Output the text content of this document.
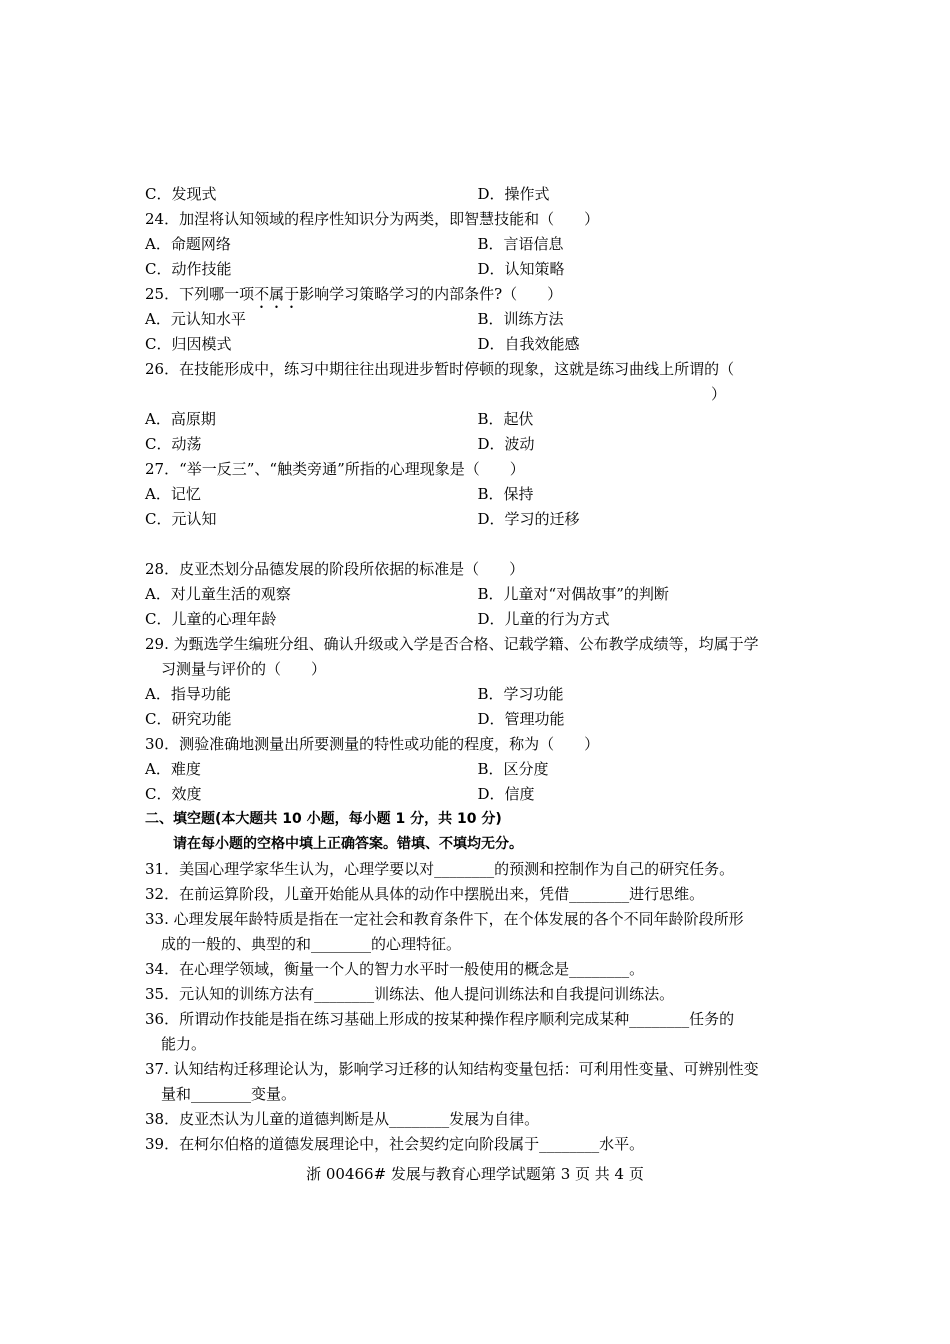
C．发现式	D．操作式
24．加涅将认知领域的程序性知识分为两类，即智慧技能和（　　）
A．命题网络	B．言语信息
C．动作技能	D．认知策略
25．下列哪一项不属于影响学习策略学习的内部条件?（　　）
A．元认知水平	B．训练方法
C．归因模式	D．自我效能感
26．在技能形成中，练习中期往往出现进步暂时停顿的现象，这就是练习曲线上所谓的（
）
A．高原期	B．起伏
C．动荡	D．波动
27．“举一反三”、“触类旁通”所指的心理现象是（　　）
A．记忆	B．保持
C．元认知	D．学习的迁移
28．皮亚杰划分品德发展的阶段所依据的标准是（　　）
A．对儿童生活的观察	B．儿童对“对偶故事”的判断
C．儿童的心理年龄	D．儿童的行为方式
29. 为甄选学生编班分组、确认升级或入学是否合格、记载学籍、公布教学成绩等，均属于学
习测量与评价的（　　）
A．指导功能	B．学习功能
C．研究功能	D．管理功能
30．测验准确地测量出所要测量的特性或功能的程度，称为（　　）
A．难度	B．区分度
C．效度	D．信度
二、填空题(本大题共 10 小题，每小题 1 分，共 10 分)
请在每小题的空格中填上正确答案。错填、不填均无分。
31．美国心理学家华生认为，心理学要以对________的预测和控制作为自己的研究任务。
32．在前运算阶段，儿童开始能从具体的动作中摆脱出来，凭借________进行思维。
33. 心理发展年龄特质是指在一定社会和教育条件下，在个体发展的各个不同年龄阶段所形
成的一般的、典型的和________的心理特征。
34．在心理学领域，衡量一个人的智力水平时一般使用的概念是________。
35．元认知的训练方法有________训练法、他人提问训练法和自我提问训练法。
36．所谓动作技能是指在练习基础上形成的按某种操作程序顺利完成某种________任务的
能力。
37. 认知结构迁移理论认为，影响学习迁移的认知结构变量包括：可利用性变量、可辨别性变
量和________变量。
38．皮亚杰认为儿童的道德判断是从________发展为自律。
39．在柯尔伯格的道德发展理论中，社会契约定向阶段属于________水平。
浙 00466# 发展与教育心理学试题第 3 页 共 4 页
